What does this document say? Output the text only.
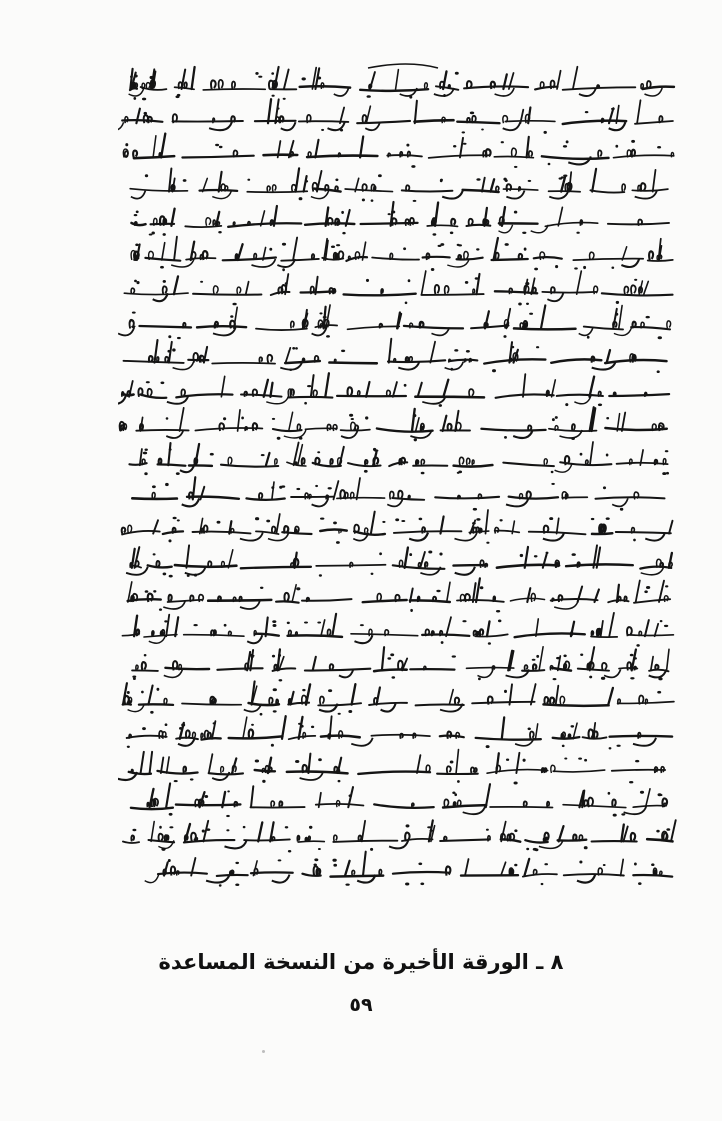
٨ ـ الورقة الأخيرة من النسخة المساعدة
٥٩
